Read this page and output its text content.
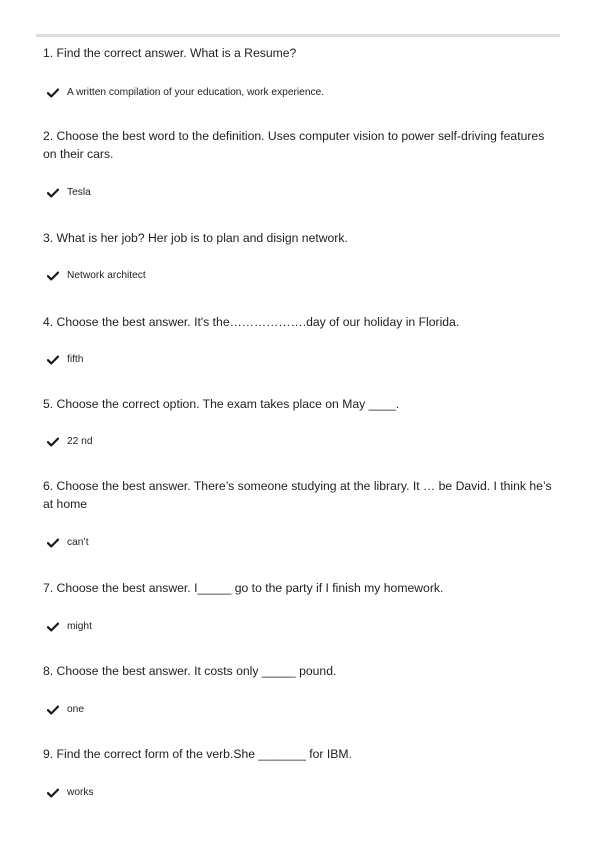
1. Find the correct answer. What is a Resume?

A written compilation of your education, work experience.

2. Choose the best word to the definition. Uses computer vision to power self-driving features on their cars.

Tesla

3. What is her job? Her job is to plan and disign network.

Network architect

4. Choose the best answer. It's the……………….day of our holiday in Florida.

fifth

5. Choose the correct option. The exam takes place on May ____.

22 nd

6. Choose the best answer. There’s someone studying at the library. It … be David. I think he’s at home

can’t

7. Choose the best answer. I_____ go to the party if I finish my homework.

might

8. Choose the best answer. It costs only _____ pound.

one

9. Find the correct form of the verb.She _______ for IBM.

works
